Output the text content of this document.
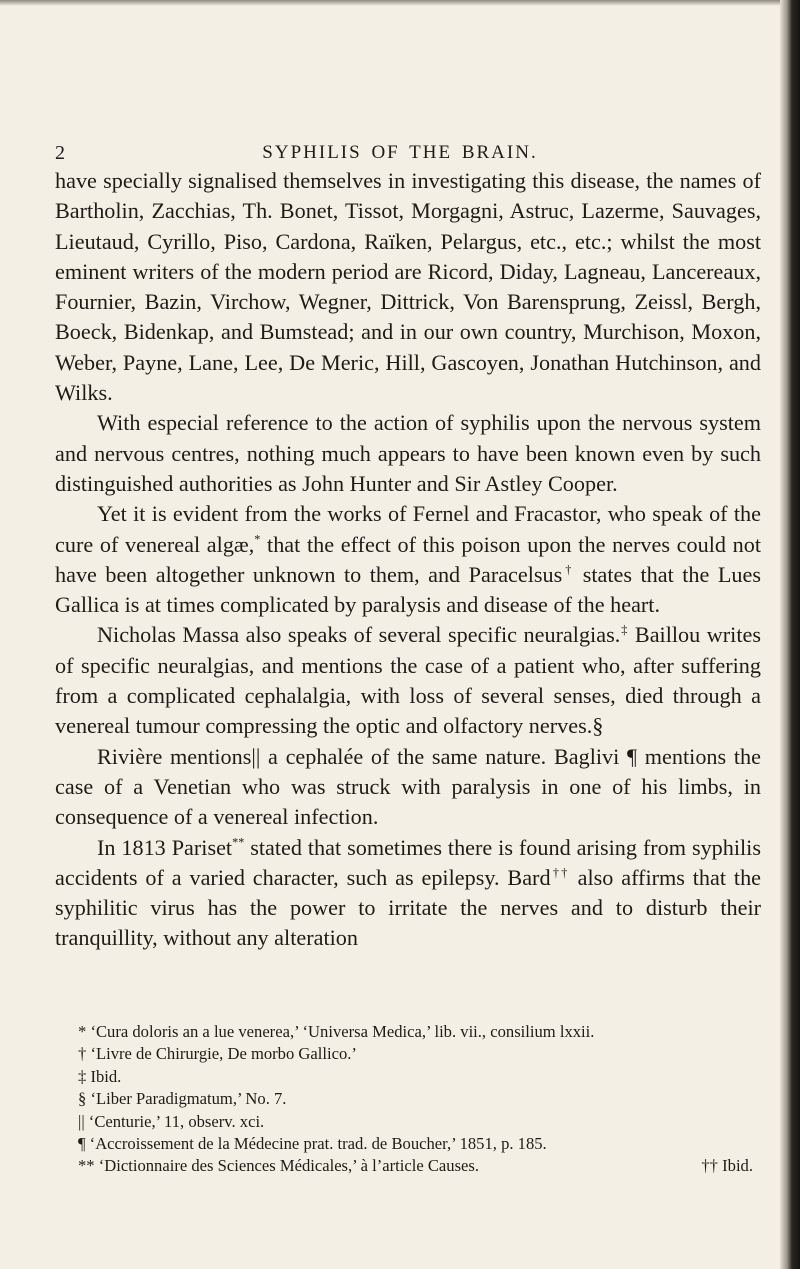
2	SYPHILIS OF THE BRAIN.

have specially signalised themselves in investigating this disease, the names of Bartholin, Zacchias, Th. Bonet, Tissot, Morgagni, Astruc, Lazerme, Sauvages, Lieutaud, Cyrillo, Piso, Cardona, Raïken, Pelargus, etc., etc.; whilst the most eminent writers of the modern period are Ricord, Diday, Lagneau, Lancereaux, Fournier, Bazin, Virchow, Wegner, Dittrick, Von Barensprung, Zeissl, Bergh, Boeck, Bidenkap, and Bumstead; and in our own country, Murchison, Moxon, Weber, Payne, Lane, Lee, De Meric, Hill, Gascoyen, Jonathan Hutchinson, and Wilks.

With especial reference to the action of syphilis upon the nervous system and nervous centres, nothing much appears to have been known even by such distinguished authorities as John Hunter and Sir Astley Cooper.

Yet it is evident from the works of Fernel and Fracastor, who speak of the cure of venereal algæ,* that the effect of this poison upon the nerves could not have been altogether unknown to them, and Paracelsus† states that the Lues Gallica is at times complicated by paralysis and disease of the heart.

Nicholas Massa also speaks of several specific neuralgias.‡ Baillou writes of specific neuralgias, and mentions the case of a patient who, after suffering from a complicated cephalalgia, with loss of several senses, died through a venereal tumour compressing the optic and olfactory nerves.§

Rivière mentions|| a cephalée of the same nature. Baglivi ¶ mentions the case of a Venetian who was struck with paralysis in one of his limbs, in consequence of a venereal infection.

In 1813 Pariset** stated that sometimes there is found arising from syphilis accidents of a varied character, such as epilepsy. Bard†† also affirms that the syphilitic virus has the power to irritate the nerves and to disturb their tranquillity, without any alteration

* ‘Cura doloris an a lue venerea,’ ‘Universa Medica,’ lib. vii., consilium lxxii.
† ‘Livre de Chirurgie, De morbo Gallico.’
‡ Ibid.
§ ‘Liber Paradigmatum,’ No. 7.
|| ‘Centurie,’ 11, observ. xci.
¶ ‘Accroissement de la Médecine prat. trad. de Boucher,’ 1851, p. 185.
** ‘Dictionnaire des Sciences Médicales,’ à l’article Causes.	†† Ibid.
